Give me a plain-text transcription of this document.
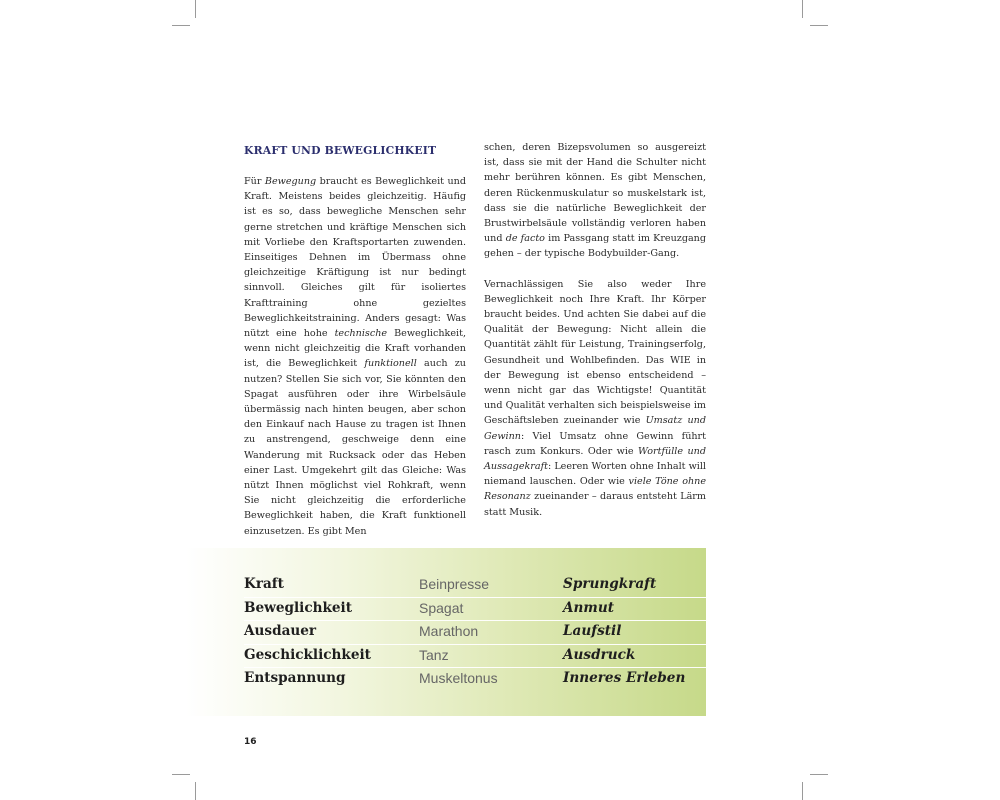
KRAFT UND BEWEGLICHKEIT

Für Bewegung braucht es Beweglichkeit und Kraft. Meistens beides gleichzeitig. Häufig ist es so, dass bewegliche Menschen sehr gerne stretchen und kräftige Menschen sich mit Vorliebe den Kraftsportarten zuwenden. Einseitiges Dehnen im Übermass ohne gleichzeitige Kräftigung ist nur bedingt sinnvoll. Gleiches gilt für isoliertes Krafttraining ohne gezieltes Beweglichkeitstraining. Anders gesagt: Was nützt eine hohe technische Beweglichkeit, wenn nicht gleichzeitig die Kraft vorhanden ist, die Beweglichkeit funktionell auch zu nutzen? Stellen Sie sich vor, Sie könnten den Spagat ausführen oder ihre Wirbelsäule übermässig nach hinten beugen, aber schon den Einkauf nach Hause zu tragen ist Ihnen zu anstrengend, geschweige denn eine Wanderung mit Rucksack oder das Heben einer Last. Umgekehrt gilt das Gleiche: Was nützt Ihnen möglichst viel Rohkraft, wenn Sie nicht gleichzeitig die erforderliche Beweglichkeit haben, die Kraft funktionell einzusetzen. Es gibt Men

schen, deren Bizepsvolumen so ausgereizt ist, dass sie mit der Hand die Schulter nicht mehr berühren können. Es gibt Menschen, deren Rückenmuskulatur so muskelstark ist, dass sie die natürliche Beweglichkeit der Brustwirbelsäule vollständig verloren haben und de facto im Passgang statt im Kreuzgang gehen – der typische Bodybuilder-Gang.

Vernachlässigen Sie also weder Ihre Beweglichkeit noch Ihre Kraft. Ihr Körper braucht beides. Und achten Sie dabei auf die Qualität der Bewegung: Nicht allein die Quantität zählt für Leistung, Trainingserfolg, Gesundheit und Wohlbefinden. Das WIE in der Bewegung ist ebenso entscheidend – wenn nicht gar das Wichtigste! Quantität und Qualität verhalten sich beispielsweise im Geschäftsleben zueinander wie Umsatz und Gewinn: Viel Umsatz ohne Gewinn führt rasch zum Konkurs. Oder wie Wortfülle und Aussagekraft: Leeren Worten ohne Inhalt will niemand lauschen. Oder wie viele Töne ohne Resonanz zueinander – daraus entsteht Lärm statt Musik.

Kraft	Beinpresse	Sprungkraft
Beweglichkeit	Spagat	Anmut
Ausdauer	Marathon	Laufstil
Geschicklichkeit	Tanz	Ausdruck
Entspannung	Muskeltonus	Inneres Erleben
16
